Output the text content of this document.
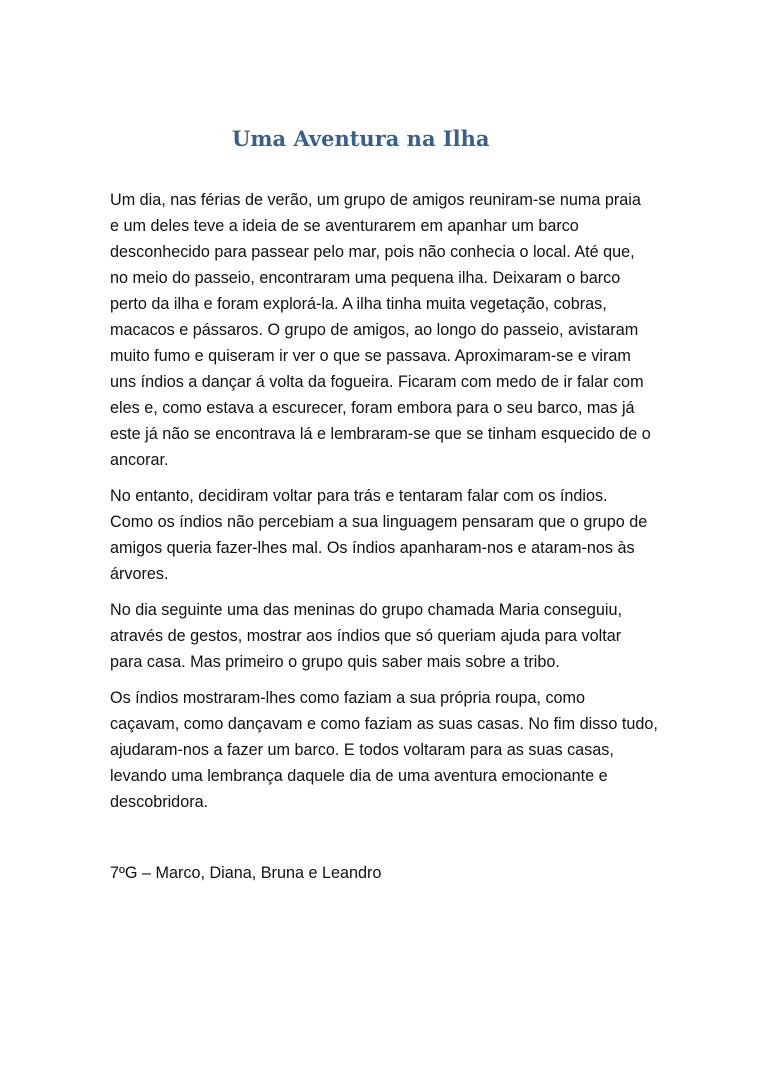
Uma Aventura na Ilha

Um dia, nas férias de verão, um grupo de amigos reuniram-se numa praia
e um deles teve a ideia de se aventurarem em apanhar um barco
desconhecido para passear pelo mar, pois não conhecia o local. Até que,
no meio do passeio, encontraram uma pequena ilha. Deixaram o barco
perto da ilha e foram explorá-la. A ilha tinha muita vegetação, cobras,
macacos e pássaros. O grupo de amigos, ao longo do passeio, avistaram
muito fumo e quiseram ir ver o que se passava. Aproximaram-se e viram
uns índios a dançar á volta da fogueira. Ficaram com medo de ir falar com
eles e, como estava a escurecer, foram embora para o seu barco, mas já
este já não se encontrava lá e lembraram-se que se tinham esquecido de o
ancorar.

No entanto, decidiram voltar para trás e tentaram falar com os índios.
Como os índios não percebiam a sua linguagem pensaram que o grupo de
amigos queria fazer-lhes mal. Os índios apanharam-nos e ataram-nos às
árvores.

No dia seguinte uma das meninas do grupo chamada Maria conseguiu,
através de gestos, mostrar aos índios que só queriam ajuda para voltar
para casa. Mas primeiro o grupo quis saber mais sobre a tribo.

Os índios mostraram-lhes como faziam a sua própria roupa, como
caçavam, como dançavam e como faziam as suas casas. No fim disso tudo,
ajudaram-nos a fazer um barco. E todos voltaram para as suas casas,
levando uma lembrança daquele dia de uma aventura emocionante e
descobridora.

7ºG – Marco, Diana, Bruna e Leandro
